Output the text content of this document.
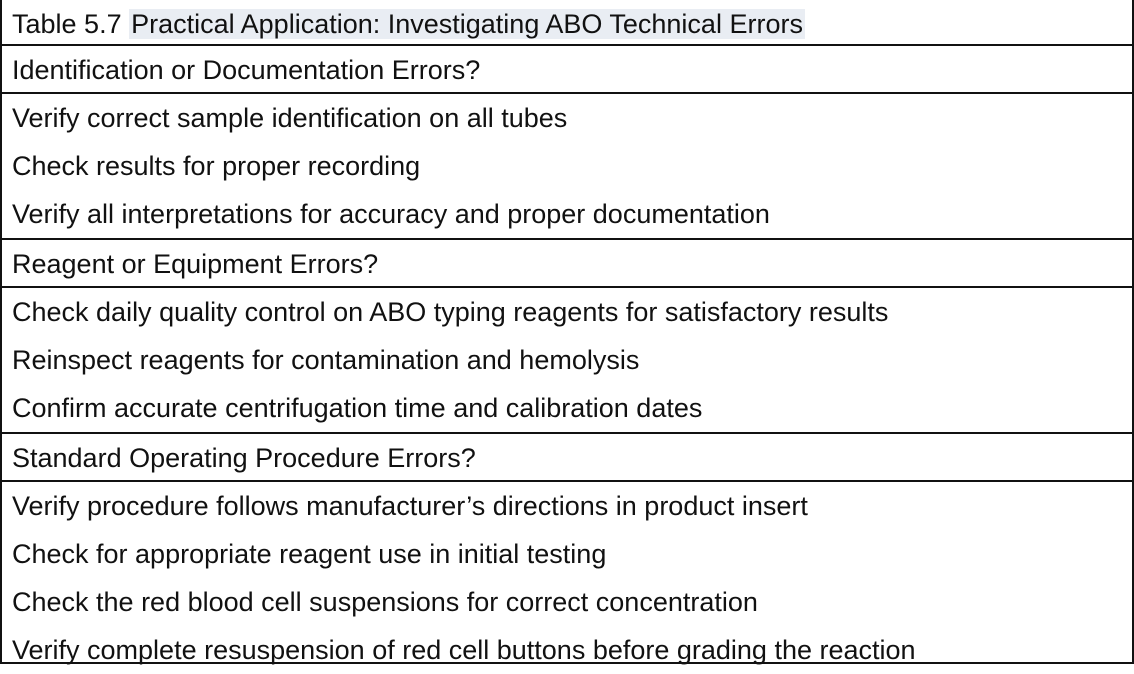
Table 5.7 Practical Application: Investigating ABO Technical Errors
Identification or Documentation Errors?
Verify correct sample identification on all tubes
Check results for proper recording
Verify all interpretations for accuracy and proper documentation
Reagent or Equipment Errors?
Check daily quality control on ABO typing reagents for satisfactory results
Reinspect reagents for contamination and hemolysis
Confirm accurate centrifugation time and calibration dates
Standard Operating Procedure Errors?
Verify procedure follows manufacturer’s directions in product insert
Check for appropriate reagent use in initial testing
Check the red blood cell suspensions for correct concentration
Verify complete resuspension of red cell buttons before grading the reaction
